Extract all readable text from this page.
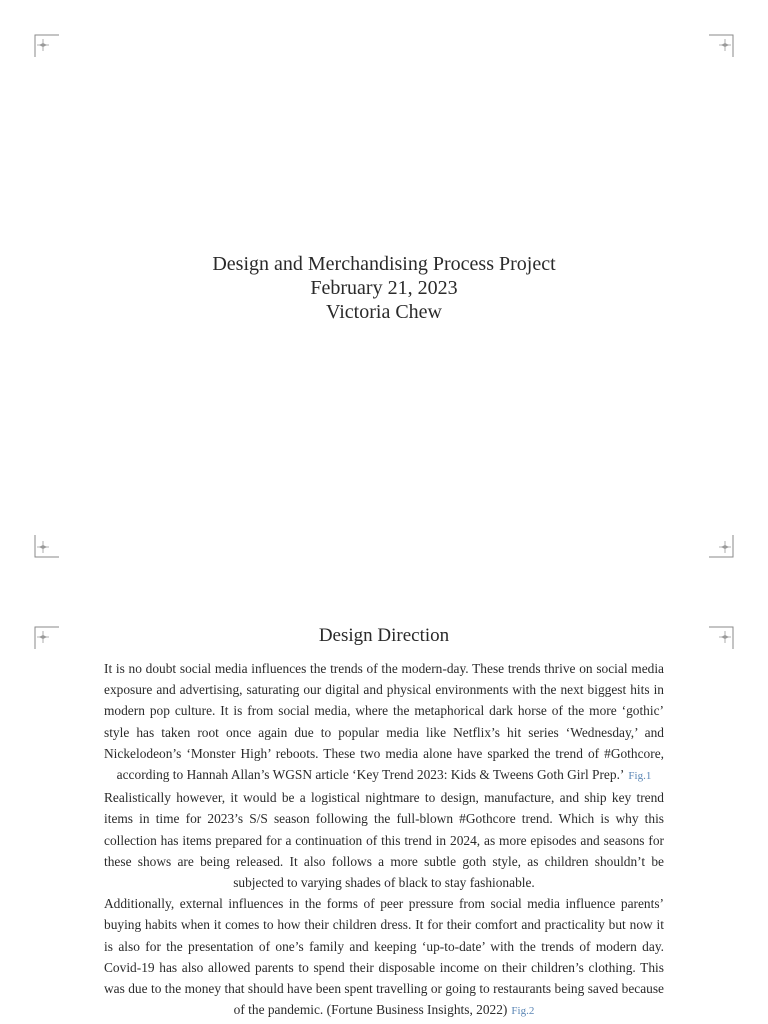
Design and Merchandising Process Project
February 21, 2023
Victoria Chew
Design Direction

It is no doubt social media influences the trends of the modern-day. These trends thrive on social media exposure and advertising, saturating our digital and physical environments with the next biggest hits in modern pop culture. It is from social media, where the metaphorical dark horse of the more ‘gothic’ style has taken root once again due to popular media like Netflix’s hit series ‘Wednesday,’ and Nickelodeon’s ‘Monster High’ reboots. These two media alone have sparked the trend of #Gothcore, according to Hannah Allan’s WGSN article ‘Key Trend 2023: Kids & Tweens Goth Girl Prep.’ Fig.1

Realistically however, it would be a logistical nightmare to design, manufacture, and ship key trend items in time for 2023’s S/S season following the full-blown #Gothcore trend. Which is why this collection has items prepared for a continuation of this trend in 2024, as more episodes and seasons for these shows are being released. It also follows a more subtle goth style, as children shouldn’t be subjected to varying shades of black to stay fashionable.

Additionally, external influences in the forms of peer pressure from social media influence parents’ buying habits when it comes to how their children dress. It for their comfort and practicality but now it is also for the presentation of one’s family and keeping ‘up-to-date’ with the trends of modern day. Covid-19 has also allowed parents to spend their disposable income on their children’s clothing. This was due to the money that should have been spent travelling or going to restaurants being saved because of the pandemic. (Fortune Business Insights, 2022) Fig.2
